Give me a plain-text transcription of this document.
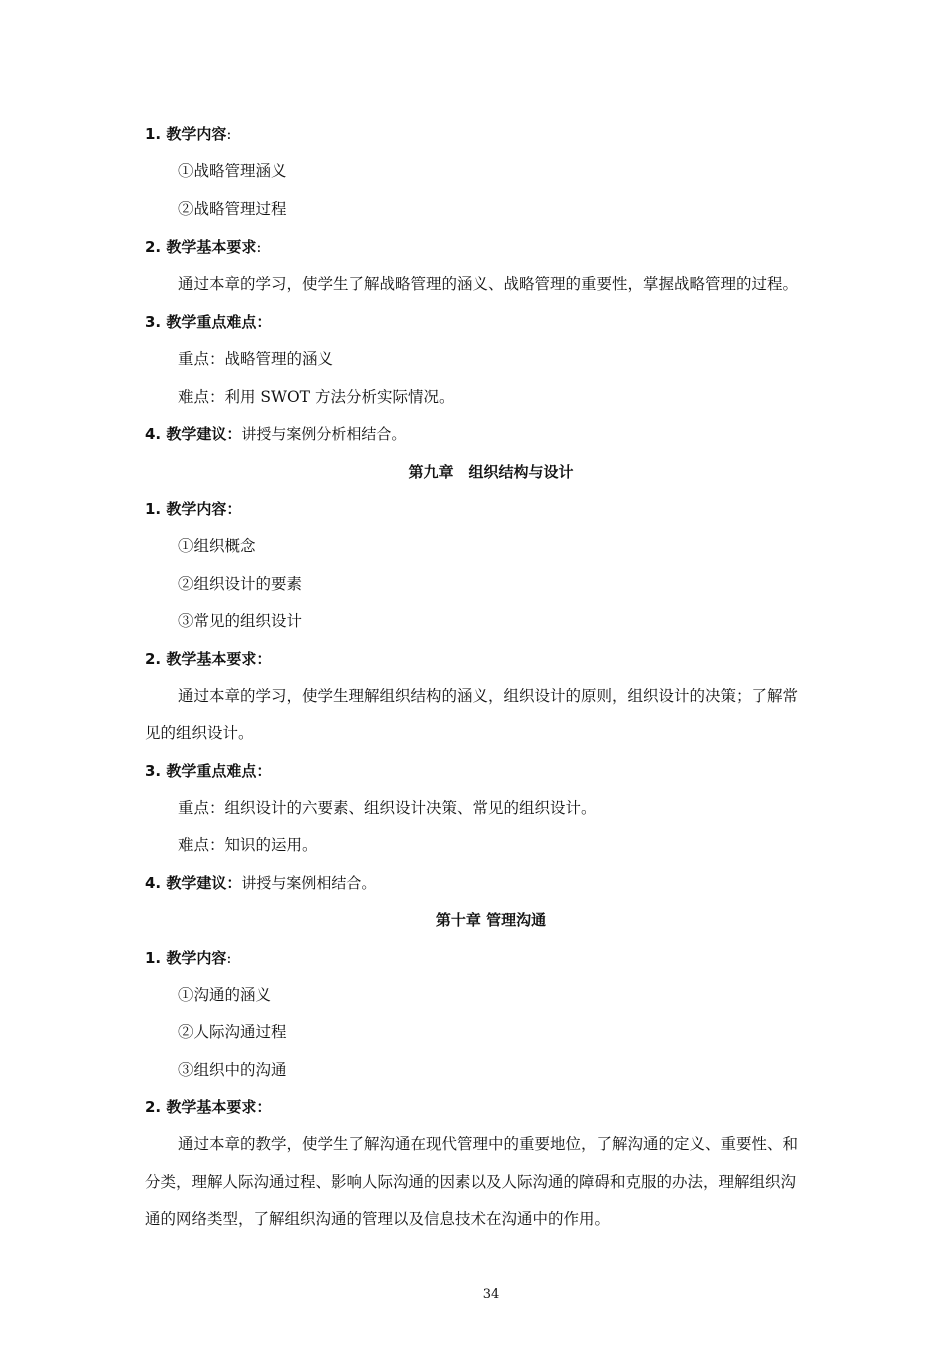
1. 教学内容:
①战略管理涵义
②战略管理过程
2. 教学基本要求:
通过本章的学习，使学生了解战略管理的涵义、战略管理的重要性，掌握战略管理的过程。
3. 教学重点难点：
重点：战略管理的涵义
难点：利用 SWOT 方法分析实际情况。
4. 教学建议：讲授与案例分析相结合。
第九章　组织结构与设计
1. 教学内容：
①组织概念
②组织设计的要素
③常见的组织设计
2. 教学基本要求：
通过本章的学习，使学生理解组织结构的涵义，组织设计的原则，组织设计的决策；了解常
见的组织设计。
3. 教学重点难点：
重点：组织设计的六要素、组织设计决策、常见的组织设计。
难点：知识的运用。
4. 教学建议：讲授与案例相结合。
第十章 管理沟通
1. 教学内容:
①沟通的涵义
②人际沟通过程
③组织中的沟通
2. 教学基本要求：
通过本章的教学，使学生了解沟通在现代管理中的重要地位，了解沟通的定义、重要性、和
分类，理解人际沟通过程、影响人际沟通的因素以及人际沟通的障碍和克服的办法，理解组织沟
通的网络类型，了解组织沟通的管理以及信息技术在沟通中的作用。
34
